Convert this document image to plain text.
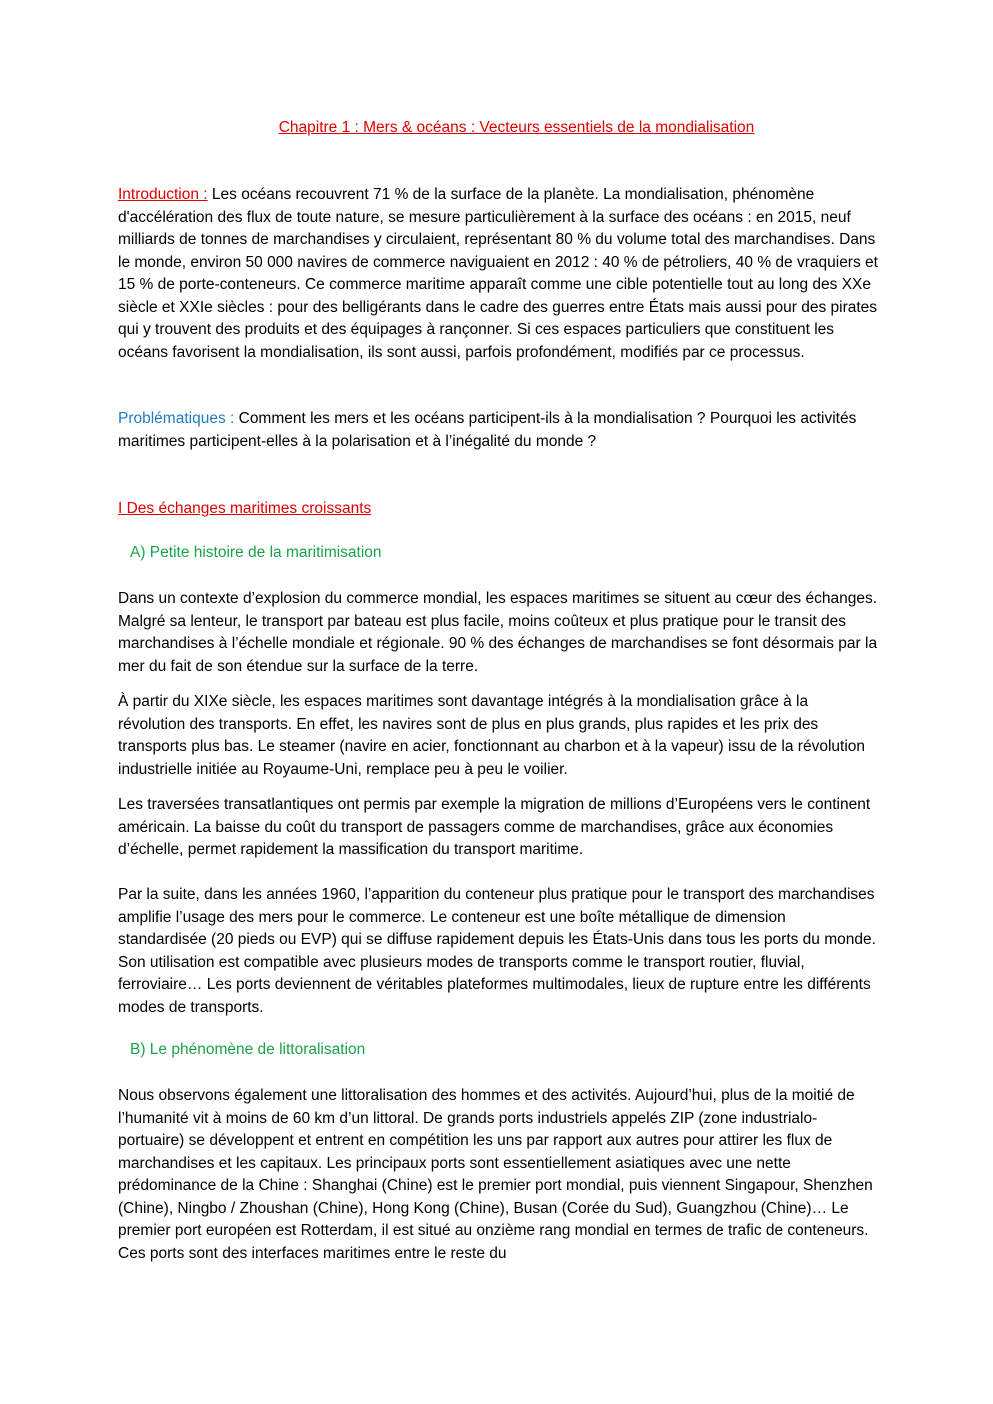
Chapitre 1 : Mers & océans : Vecteurs essentiels de la mondialisation

Introduction : Les océans recouvrent 71 % de la surface de la planète. La mondialisation, phénomène d'accélération des flux de toute nature, se mesure particulièrement à la surface des océans : en 2015, neuf milliards de tonnes de marchandises y circulaient, représentant 80 % du volume total des marchandises. Dans le monde, environ 50 000 navires de commerce naviguaient en 2012 : 40 % de pétroliers, 40 % de vraquiers et 15 % de porte-conteneurs. Ce commerce maritime apparaît comme une cible potentielle tout au long des XXe siècle et XXIe siècles : pour des belligérants dans le cadre des guerres entre États mais aussi pour des pirates qui y trouvent des produits et des équipages à rançonner. Si ces espaces particuliers que constituent les océans favorisent la mondialisation, ils sont aussi, parfois profondément, modifiés par ce processus.

Problématiques : Comment les mers et les océans participent-ils à la mondialisation ? Pourquoi les activités maritimes participent-elles à la polarisation et à l’inégalité du monde ?

I Des échanges maritimes croissants
A) Petite histoire de la maritimisation

Dans un contexte d’explosion du commerce mondial, les espaces maritimes se situent au cœur des échanges. Malgré sa lenteur, le transport par bateau est plus facile, moins coûteux et plus pratique pour le transit des marchandises à l’échelle mondiale et régionale. 90 % des échanges de marchandises se font désormais par la mer du fait de son étendue sur la surface de la terre.

À partir du XIXe siècle, les espaces maritimes sont davantage intégrés à la mondialisation grâce à la révolution des transports. En effet, les navires sont de plus en plus grands, plus rapides et les prix des transports plus bas. Le steamer (navire en acier, fonctionnant au charbon et à la vapeur) issu de la révolution industrielle initiée au Royaume-Uni, remplace peu à peu le voilier.

Les traversées transatlantiques ont permis par exemple la migration de millions d’Européens vers le continent américain. La baisse du coût du transport de passagers comme de marchandises, grâce aux économies d’échelle, permet rapidement la massification du transport maritime.

Par la suite, dans les années 1960, l’apparition du conteneur plus pratique pour le transport des marchandises amplifie l’usage des mers pour le commerce. Le conteneur est une boîte métallique de dimension standardisée (20 pieds ou EVP) qui se diffuse rapidement depuis les États-Unis dans tous les ports du monde. Son utilisation est compatible avec plusieurs modes de transports comme le transport routier, fluvial, ferroviaire… Les ports deviennent de véritables plateformes multimodales, lieux de rupture entre les différents modes de transports.

B) Le phénomène de littoralisation

Nous observons également une littoralisation des hommes et des activités. Aujourd’hui, plus de la moitié de l’humanité vit à moins de 60 km d’un littoral. De grands ports industriels appelés ZIP (zone industrialo-portuaire) se développent et entrent en compétition les uns par rapport aux autres pour attirer les flux de marchandises et les capitaux. Les principaux ports sont essentiellement asiatiques avec une nette prédominance de la Chine : Shanghai (Chine) est le premier port mondial, puis viennent Singapour, Shenzhen (Chine), Ningbo / Zhoushan (Chine), Hong Kong (Chine), Busan (Corée du Sud), Guangzhou (Chine)… Le premier port européen est Rotterdam, il est situé au onzième rang mondial en termes de trafic de conteneurs. Ces ports sont des interfaces maritimes entre le reste du
